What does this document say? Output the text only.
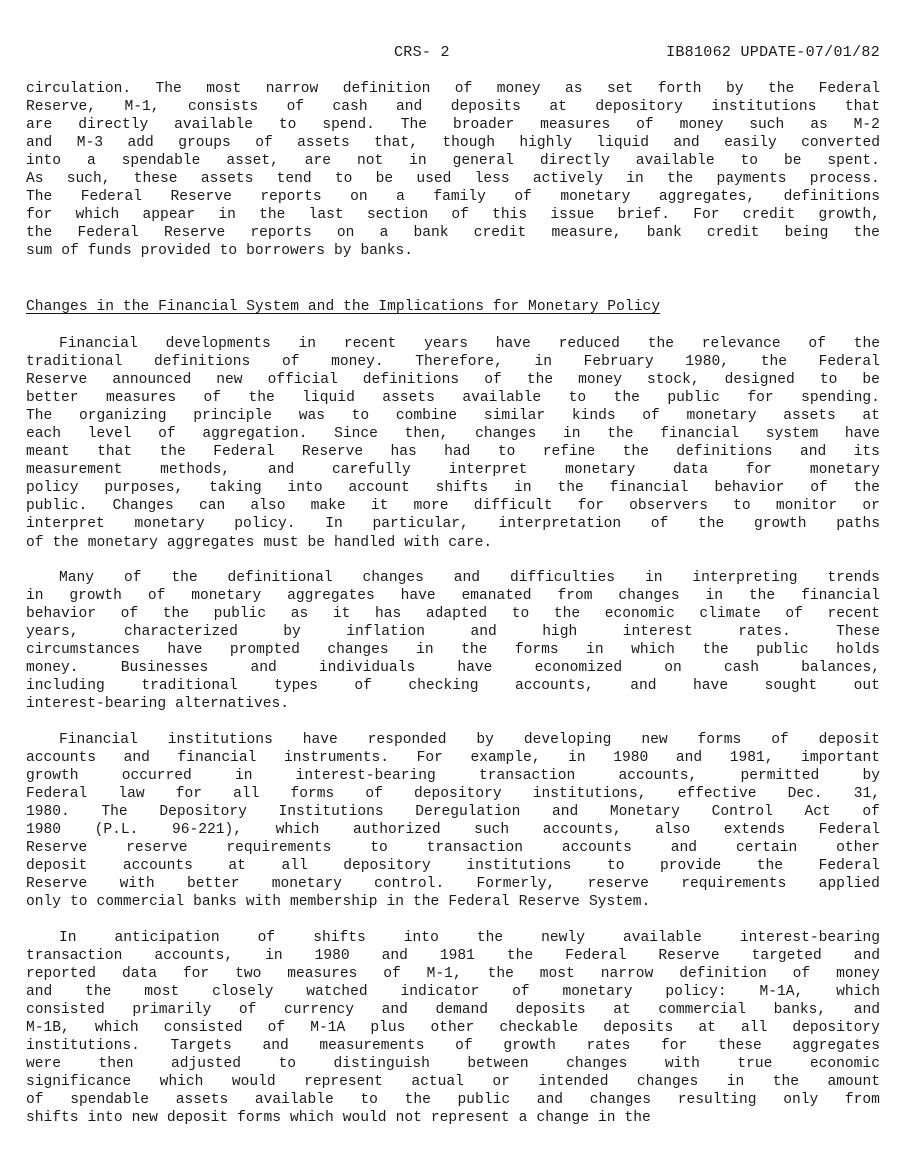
CRS- 2	IB81062 UPDATE-07/01/82
circulation. The most narrow definition of money as set forth by the Federal
Reserve, M-1, consists of cash and deposits at depository institutions that
are directly available to spend. The broader measures of money such as M-2
and M-3 add groups of assets that, though highly liquid and easily converted
into a spendable asset, are not in general directly available to be spent.
As such, these assets tend to be used less actively in the payments process.
The Federal Reserve reports on a family of monetary aggregates, definitions
for which appear in the last section of this issue brief. For credit growth,
the Federal Reserve reports on a bank credit measure, bank credit being the
sum of funds provided to borrowers by banks.
Changes in the Financial System and the Implications for Monetary Policy
Financial developments in recent years have reduced the relevance of the
traditional definitions of money. Therefore, in February 1980, the Federal
Reserve announced new official definitions of the money stock, designed to be
better measures of the liquid assets available to the public for spending.
The organizing principle was to combine similar kinds of monetary assets at
each level of aggregation. Since then, changes in the financial system have
meant that the Federal Reserve has had to refine the definitions and its
measurement	methods,	and	carefully	interpret	monetary	data	for	monetary
policy purposes, taking into account shifts in the financial behavior of the
public. Changes can also make it more difficult for observers to monitor or
interpret monetary policy. In particular, interpretation of the growth paths
of the monetary aggregates must be handled with care.
Many of the definitional changes and difficulties in interpreting trends
in growth of monetary aggregates have emanated from changes in the financial
behavior of the public as it has adapted to the economic climate of recent
years,	characterized	by	inflation	and	high	interest	rates.	These
circumstances have prompted changes in the forms in which the public holds
money.	Businesses	and	individuals	have	economized	on	cash	balances,
including traditional types of checking accounts, and have sought out
interest-bearing alternatives.
Financial institutions have responded by developing new forms of deposit
accounts and financial instruments. For example, in 1980 and 1981, important
growth	occurred	in	interest-bearing	transaction	accounts,	permitted	by
Federal law for all forms of depository institutions, effective Dec. 31,
1980. The Depository Institutions Deregulation and Monetary Control Act of
1980 (P.L. 96-221), which authorized such accounts, also extends Federal
Reserve	reserve	requirements	to	transaction	accounts	and	certain	other
deposit accounts at all depository institutions to provide the Federal
Reserve with better monetary control. Formerly, reserve requirements applied
only to commercial banks with membership in the Federal Reserve System.
In	anticipation	of	shifts	into	the	newly	available	interest-bearing
transaction accounts, in 1980 and 1981 the Federal Reserve targeted and
reported data for two measures of M-1, the most narrow definition of money
and the most closely watched indicator of monetary policy: M-1A, which
consisted primarily of currency and demand deposits at commercial banks, and
M-1B, which consisted of M-1A plus other checkable deposits at all depository
institutions. Targets and measurements of growth rates for these aggregates
were	then	adjusted	to	distinguish	between	changes	with	true	economic
significance which would represent actual or intended changes in the amount
of spendable assets available to the public and changes resulting only from
shifts into new deposit forms which would not represent a change in the
